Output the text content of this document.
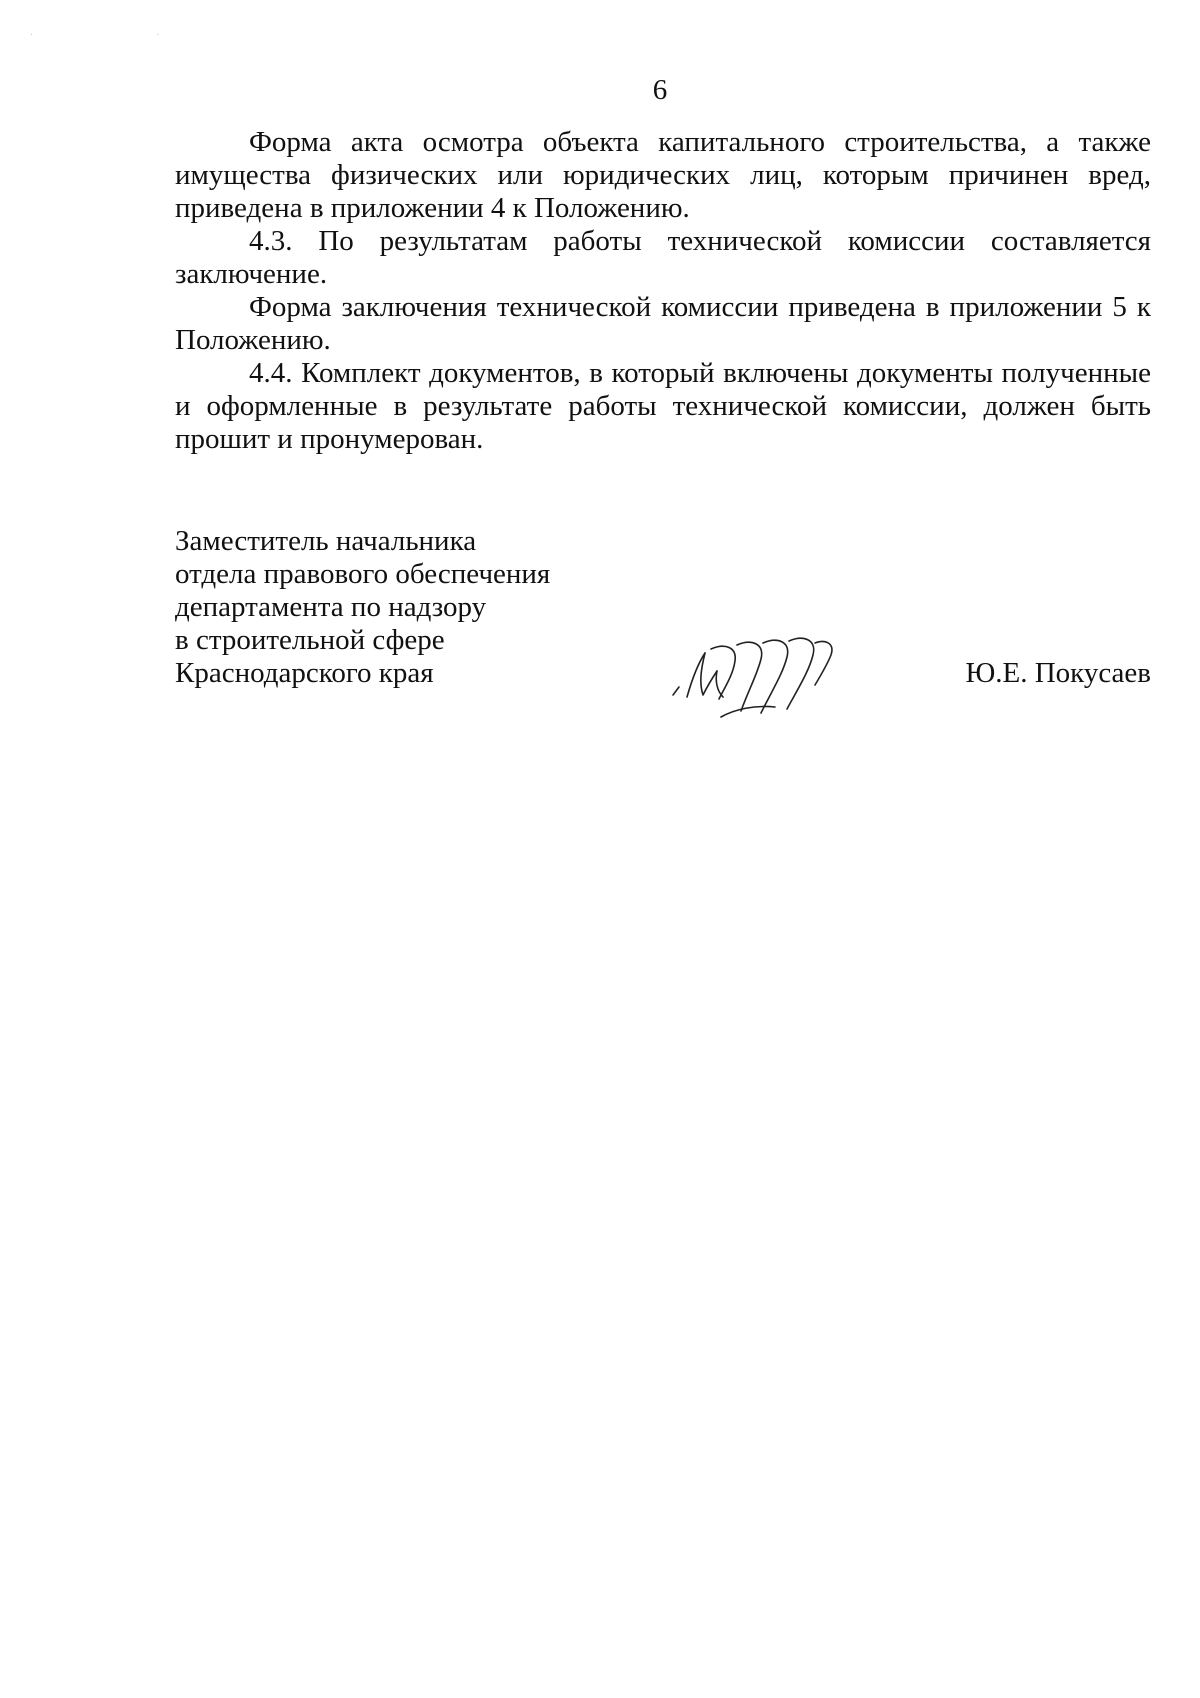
· ·
6

Форма акта осмотра объекта капитального строительства, а также имущества физических или юридических лиц, которым причинен вред, приведена в приложении 4 к Положению.

4.3. По результатам работы технической комиссии составляется заключение.

Форма заключения технической комиссии приведена в приложении 5 к Положению.

4.4. Комплект документов, в который включены документы полученные и оформленные в результате работы технической комиссии, должен быть прошит и пронумерован.

Заместитель начальника
отдела правового обеспечения
департамента по надзору
в строительной сфере
Краснодарского края	Ю.Е. Покусаев
